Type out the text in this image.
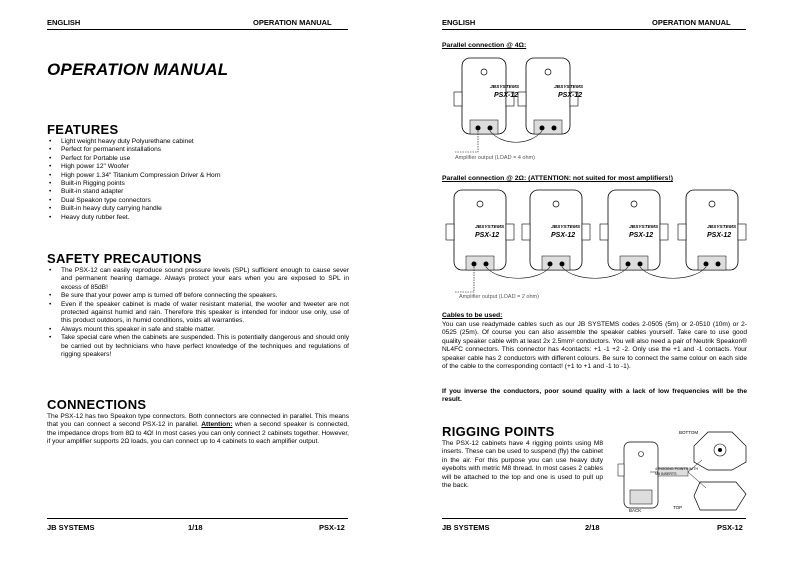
ENGLISH	OPERATION MANUAL
OPERATION MANUAL
FEATURES
• Light weight heavy duty Polyurethane cabinet
• Perfect for permanent installations
• Perfect for Portable use
• High power 12" Woofer
• High power 1.34" Titanium Compression Driver & Horn
• Built-in Rigging points
• Built-in stand adapter
• Dual Speakon type connectors
• Built-in heavy duty carrying handle
• Heavy duty rubber feet.
SAFETY PRECAUTIONS
• The PSX-12 can easily reproduce sound pressure levels (SPL) sufficient enough to cause sever and permanent hearing damage. Always protect your ears when you are exposed to SPL in excess of 85dB!
• Be sure that your power amp is turned off before connecting the speakers.
• Even if the speaker cabinet is made of water resistant material, the woofer and tweeter are not protected against humid and rain. Therefore this speaker is intended for indoor use only, use of this product outdoors, in humid conditions, voids all warranties.
• Always mount this speaker in safe and stable matter.
• Take special care when the cabinets are suspended. This is potentially dangerous and should only be carried out by technicians who have perfect knowledge of the techniques and regulations of rigging speakers!
CONNECTIONS
The PSX-12 has two Speakon type connectors. Both connectors are connected in parallel. This means that you can connect a second PSX-12 in parallel. Attention: when a second speaker is connected, the impedance drops from 8Ω to 4Ω! In most cases you can only connect 2 cabinets together. However, if your amplifier supports 2Ω loads, you can connect up to 4 cabinets to each amplifier output.
JB SYSTEMS	1/18	PSX-12
ENGLISH	OPERATION MANUAL
Parallel connection @ 4Ω:
JBSYSTEMS
PSX-12
JBSYSTEMS
PSX-12
Amplifier output (LOAD = 4 ohm)
Parallel connection @ 2Ω: (ATTENTION: not suited for most amplifiers!)
JBSYSTEMS
PSX-12
JBSYSTEMS
PSX-12
JBSYSTEMS
PSX-12
JBSYSTEMS
PSX-12
Amplifier output (LOAD = 2 ohm)
Cables to be used:
You can use readymade cables such as our JB SYSTEMS codes 2-0505 (5m) or 2-0510 (10m) or 2-0525 (25m). Of course you can also assemble the speaker cables yourself. Take care to use good quality speaker cable with at least 2x 2.5mm² conductors. You will also need a pair of Neutrik Speakon® NL4FC connectors. This connector has 4contacts: +1 -1 +2 -2. Only use the +1 and -1 contacts. Your speaker cable has 2 conductors with different colours. Be sure to connect the same colour on each side of the cable to the corresponding contact! (+1 to +1 and -1 to -1).
If you inverse the conductors, poor sound quality with a lack of low frequencies will be the result.
RIGGING POINTS
The PSX-12 cabinets have 4 rigging points using M8 inserts. These can be used to suspend (fly) the cabinet in the air. For this purpose you can use heavy duty eyebolts with metric M8 thread. In most cases 2 cables will be attached to the top and one is used to pull up the back.
BOTTOM
4 RIGGING POINTS WITH M8 INSERTS
TOP
BACK
JB SYSTEMS	2/18	PSX-12
